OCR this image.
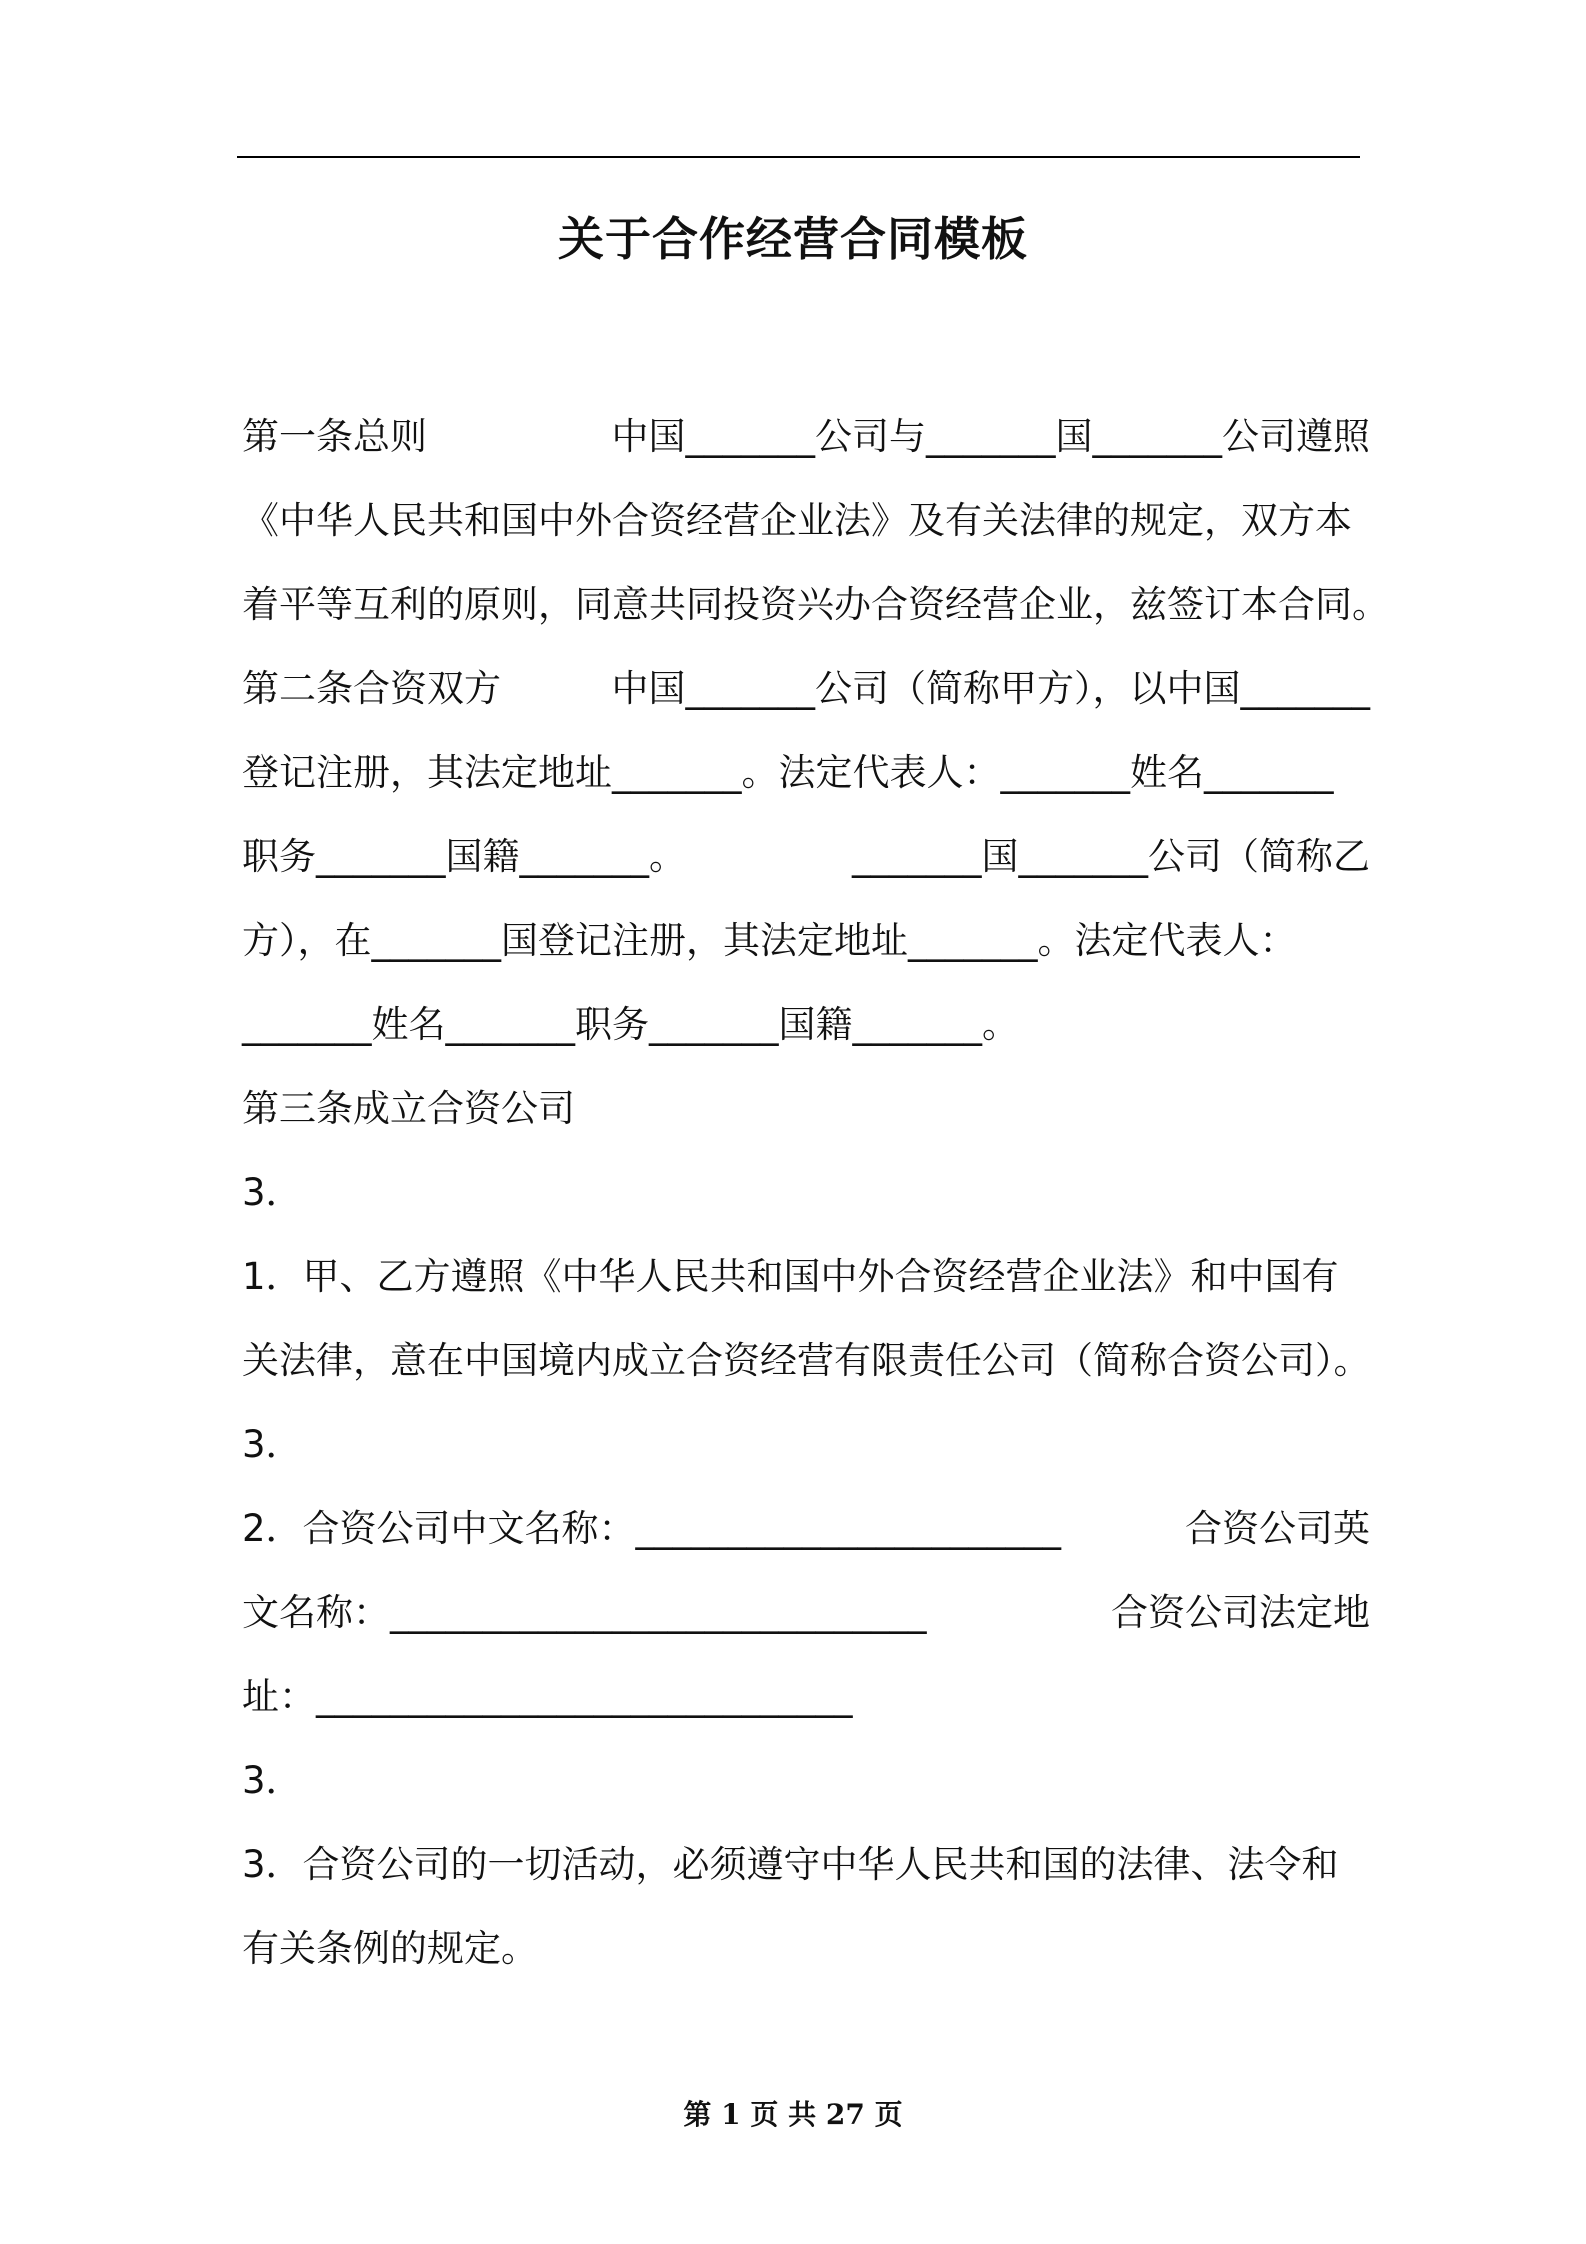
关于合作经营合同模板
第一条总则	中国_______公司与_______国_______公司遵照
《中华人民共和国中外合资经营企业法》及有关法律的规定，双方本
着平等互利的原则，同意共同投资兴办合资经营企业，兹签订本合同。
第二条合资双方	中国_______公司（简称甲方），以中国_______
登记注册，其法定地址_______。法定代表人：_______姓名_______
职务_______国籍_______。	_______国_______公司（简称乙
方），在_______国登记注册，其法定地址_______。法定代表人：
_______姓名_______职务_______国籍_______。
第三条成立合资公司
3．
1．甲、乙方遵照《中华人民共和国中外合资经营企业法》和中国有
关法律，意在中国境内成立合资经营有限责任公司（简称合资公司）。
3．
2．合资公司中文名称：_______________________	合资公司英
文名称：_____________________________	合资公司法定地
址：_____________________________
3．
3．合资公司的一切活动，必须遵守中华人民共和国的法律、法令和
有关条例的规定。
第 1 页 共 27 页
